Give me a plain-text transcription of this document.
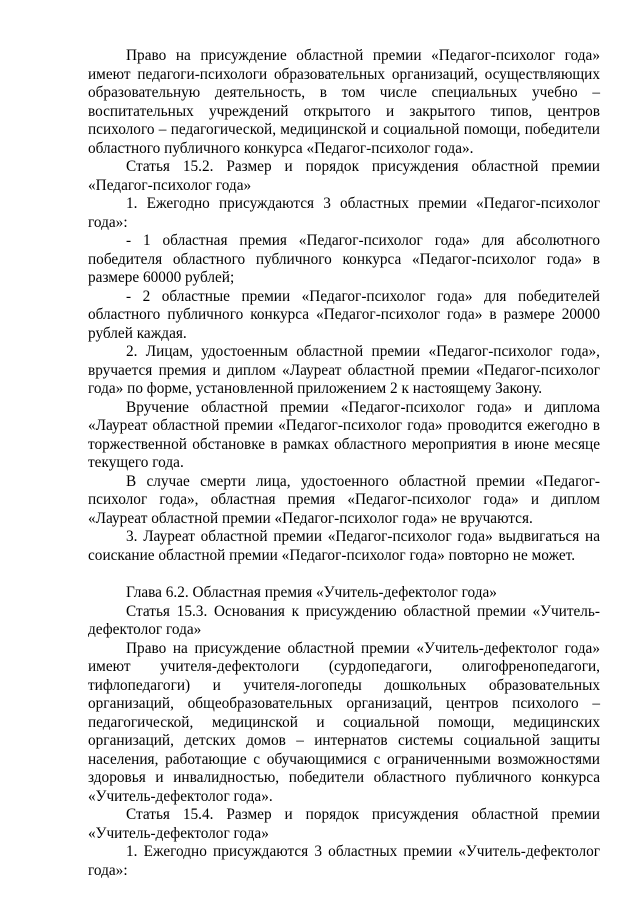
Право на присуждение областной премии «Педагог-психолог года» имеют педагоги-психологи образовательных организаций, осуществляющих образовательную деятельность, в том числе специальных учебно – воспитательных учреждений открытого и закрытого типов, центров психолого – педагогической, медицинской и социальной помощи, победители областного публичного конкурса «Педагог-психолог года».

Статья 15.2. Размер и порядок присуждения областной премии «Педагог-психолог года»

1. Ежегодно присуждаются 3 областных премии «Педагог-психолог года»:

- 1 областная премия «Педагог-психолог года» для абсолютного победителя областного публичного конкурса «Педагог-психолог года» в размере 60000 рублей;

- 2 областные премии «Педагог-психолог года» для победителей областного публичного конкурса «Педагог-психолог года» в размере 20000 рублей каждая.

2. Лицам, удостоенным областной премии «Педагог-психолог года», вручается премия и диплом «Лауреат областной премии «Педагог-психолог года» по форме, установленной приложением 2 к настоящему Закону.

Вручение областной премии «Педагог-психолог года» и диплома «Лауреат областной премии «Педагог-психолог года» проводится ежегодно в торжественной обстановке в рамках областного мероприятия в июне месяце текущего года.

В случае смерти лица, удостоенного областной премии «Педагог-психолог года», областная премия «Педагог-психолог года» и диплом «Лауреат областной премии «Педагог-психолог года» не вручаются.

3. Лауреат областной премии «Педагог-психолог года» выдвигаться на соискание областной премии «Педагог-психолог года» повторно не может.

Глава 6.2. Областная премия «Учитель-дефектолог года»

Статья 15.3. Основания к присуждению областной премии «Учитель-дефектолог года»

Право на присуждение областной премии «Учитель-дефектолог года» имеют учителя-дефектологи (сурдопедагоги, олигофренопедагоги, тифлопедагоги) и учителя-логопеды дошкольных образовательных организаций, общеобразовательных организаций, центров психолого – педагогической, медицинской и социальной помощи, медицинских организаций, детских домов – интернатов системы социальной защиты населения, работающие с обучающимися с ограниченными возможностями здоровья и инвалидностью, победители областного публичного конкурса «Учитель-дефектолог года».

Статья 15.4. Размер и порядок присуждения областной премии «Учитель-дефектолог года»

1. Ежегодно присуждаются 3 областных премии «Учитель-дефектолог года»:
